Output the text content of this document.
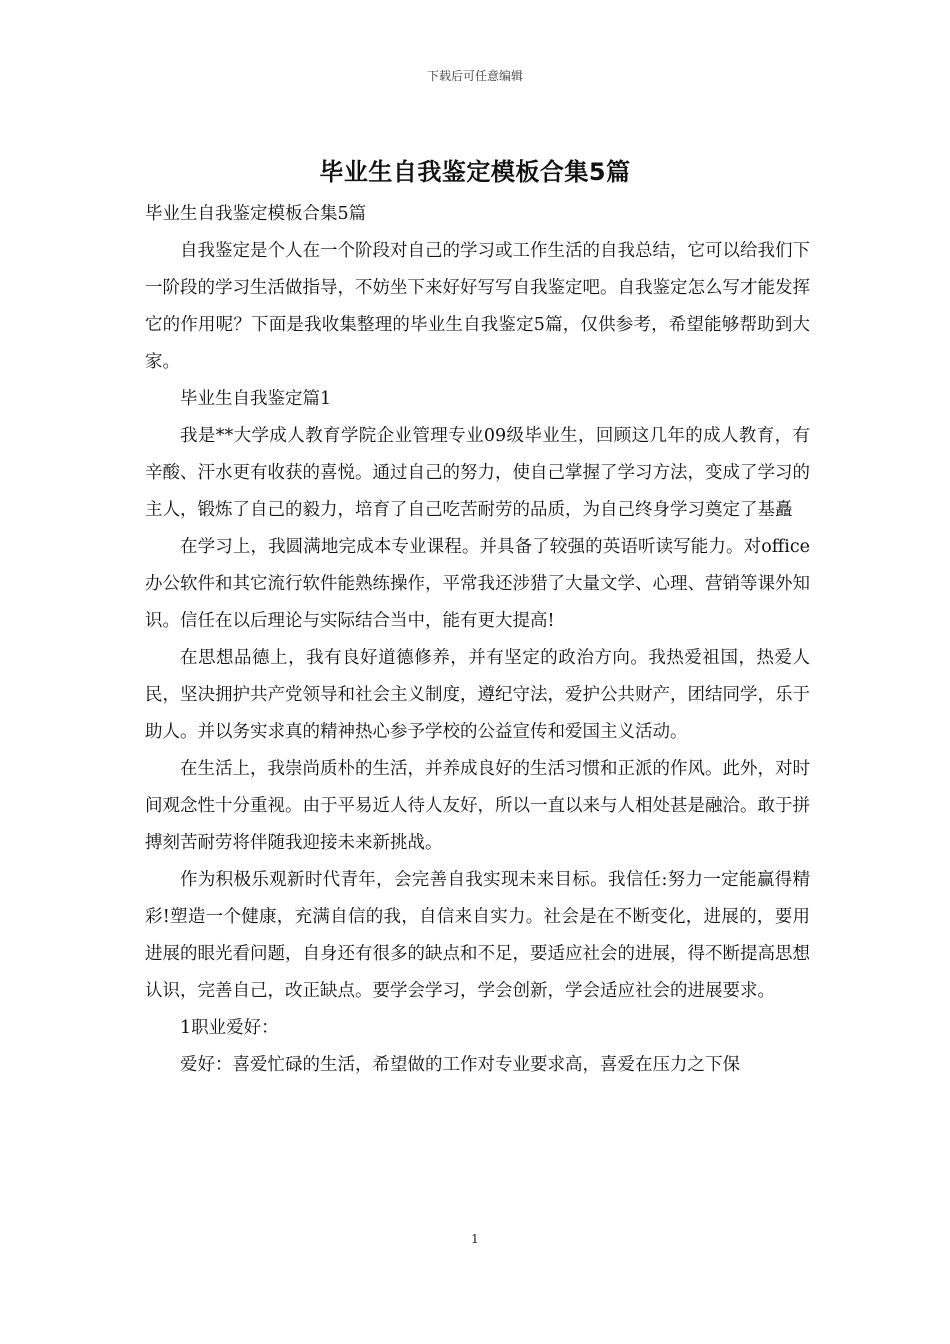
下载后可任意编辑
毕业生自我鉴定模板合集5篇

毕业生自我鉴定模板合集5篇

自我鉴定是个人在一个阶段对自己的学习或工作生活的自我总结，它可以给我们下一阶段的学习生活做指导，不妨坐下来好好写写自我鉴定吧。自我鉴定怎么写才能发挥它的作用呢？下面是我收集整理的毕业生自我鉴定5篇，仅供参考，希望能够帮助到大家。

毕业生自我鉴定篇1

我是**大学成人教育学院企业管理专业09级毕业生，回顾这几年的成人教育，有辛酸、汗水更有收获的喜悦。通过自己的努力，使自己掌握了学习方法，变成了学习的主人，锻炼了自己的毅力，培育了自己吃苦耐劳的品质，为自己终身学习奠定了基矗

在学习上，我圆满地完成本专业课程。并具备了较强的英语听读写能力。对office办公软件和其它流行软件能熟练操作，平常我还涉猎了大量文学、心理、营销等课外知识。信任在以后理论与实际结合当中，能有更大提高!

在思想品德上，我有良好道德修养，并有坚定的政治方向。我热爱祖国，热爱人民，坚决拥护共产党领导和社会主义制度，遵纪守法，爱护公共财产，团结同学，乐于助人。并以务实求真的精神热心参予学校的公益宣传和爱国主义活动。

在生活上，我崇尚质朴的生活，并养成良好的生活习惯和正派的作风。此外，对时间观念性十分重视。由于平易近人待人友好，所以一直以来与人相处甚是融洽。敢于拼搏刻苦耐劳将伴随我迎接未来新挑战。

作为积极乐观新时代青年，会完善自我实现未来目标。我信任:努力一定能赢得精彩!塑造一个健康，充满自信的我，自信来自实力。社会是在不断变化，进展的，要用进展的眼光看问题，自身还有很多的缺点和不足，要适应社会的进展，得不断提高思想认识，完善自己，改正缺点。要学会学习，学会创新，学会适应社会的进展要求。

1职业爱好：

爱好：喜爱忙碌的生活，希望做的工作对专业要求高，喜爱在压力之下保

1
